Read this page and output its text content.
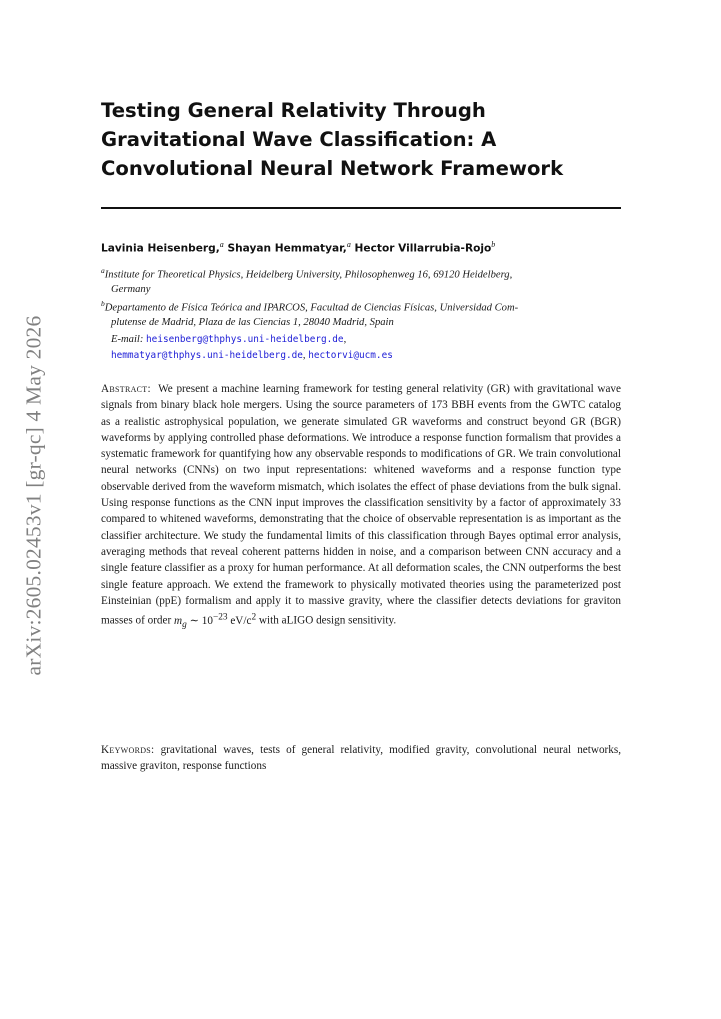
arXiv:2605.02453v1 [gr-qc] 4 May 2026
Testing General Relativity Through Gravitational Wave Classification: A Convolutional Neural Network Framework
Lavinia Heisenberg,$^a$ Shayan Hemmatyar,$^a$ Hector Villarrubia-Rojo$^b$
$^a$Institute for Theoretical Physics, Heidelberg University, Philosophenweg 16, 69120 Heidelberg,
Germany
$^b$Departamento de Física Teórica and IPARCOS, Facultad de Ciencias Físicas, Universidad Com-
plutense de Madrid, Plaza de las Ciencias 1, 28040 Madrid, Spain
E-mail: heisenberg@thphys.uni-heidelberg.de,
hemmatyar@thphys.uni-heidelberg.de, hectorvi@ucm.es

Abstract: We present a machine learning framework for testing general relativity (GR) with gravitational wave signals from binary black hole mergers. Using the source parameters of 173 BBH events from the GWTC catalog as a realistic astrophysical population, we generate simulated GR waveforms and construct beyond GR (BGR) waveforms by applying controlled phase deformations. We introduce a response function formalism that provides a systematic framework for quantifying how any observable responds to modifications of GR. We train convolutional neural networks (CNNs) on two input representations: whitened waveforms and a response function type observable derived from the waveform mismatch, which isolates the effect of phase deviations from the bulk signal. Using response functions as the CNN input improves the classification sensitivity by a factor of approximately 33 compared to whitened waveforms, demonstrating that the choice of observable representation is as important as the classifier architecture. We study the fundamental limits of this classification through Bayes optimal error analysis, averaging methods that reveal coherent patterns hidden in noise, and a comparison between CNN accuracy and a single feature classifier as a proxy for human performance. At all deformation scales, the CNN outperforms the best single feature approach. We extend the framework to physically motivated theories using the parameterized post Einsteinian (ppE) formalism and apply it to massive gravity, where the classifier detects deviations for graviton masses of order $m_g$ ∼ $10^{-23}$ $eV/c^2$ with aLIGO design sensitivity.

Keywords: gravitational waves, tests of general relativity, modified gravity, convolutional neural networks, massive graviton, response functions
